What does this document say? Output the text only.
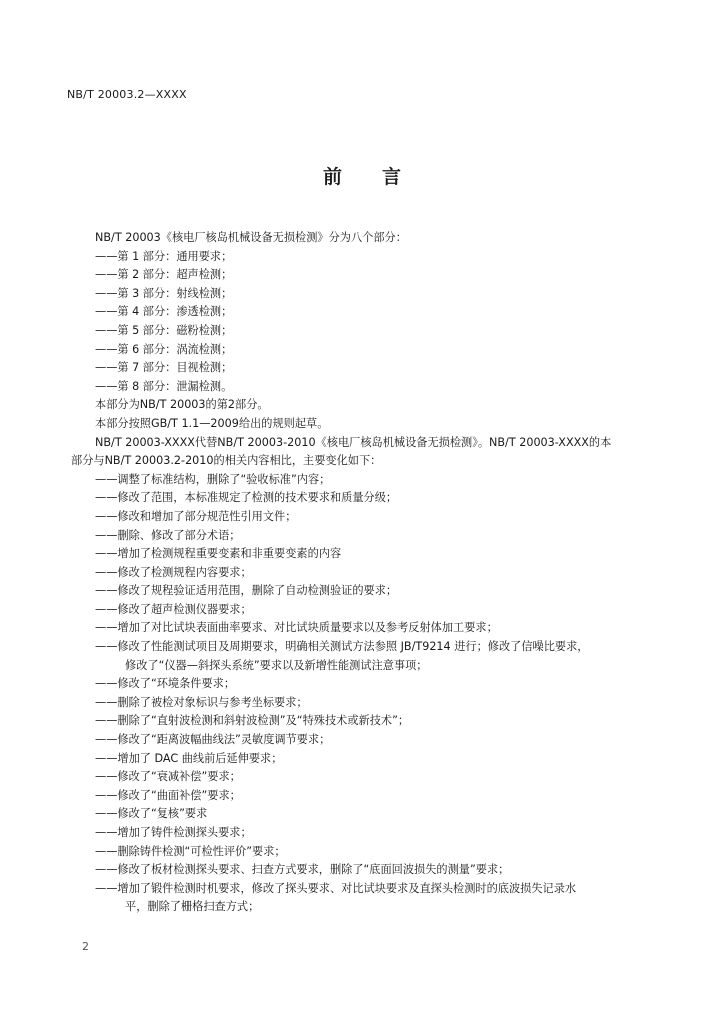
NB/T 20003.2—XXXX
前言
NB/T 20003《核电厂核岛机械设备无损检测》分为八个部分：
——第 1 部分：通用要求；
——第 2 部分：超声检测；
——第 3 部分：射线检测；
——第 4 部分：渗透检测；
——第 5 部分：磁粉检测；
——第 6 部分：涡流检测；
——第 7 部分：目视检测；
——第 8 部分：泄漏检测。
本部分为NB/T 20003的第2部分。
本部分按照GB/T 1.1—2009给出的规则起草。
NB/T 20003-XXXX代替NB/T 20003-2010《核电厂核岛机械设备无损检测》。NB/T 20003-XXXX的本
部分与NB/T 20003.2-2010的相关内容相比，主要变化如下：
——调整了标准结构，删除了“验收标准”内容；
——修改了范围，本标准规定了检测的技术要求和质量分级；
——修改和增加了部分规范性引用文件；
——删除、修改了部分术语；
——增加了检测规程重要变素和非重要变素的内容
——修改了检测规程内容要求；
——修改了规程验证适用范围，删除了自动检测验证的要求；
——修改了超声检测仪器要求；
——增加了对比试块表面曲率要求、对比试块质量要求以及参考反射体加工要求；
——修改了性能测试项目及周期要求，明确相关测试方法参照 JB/T9214 进行；修改了信噪比要求，
修改了“仪器—斜探头系统”要求以及新增性能测试注意事项；
——修改了“环境条件要求；
——删除了被检对象标识与参考坐标要求；
——删除了“直射波检测和斜射波检测”及“特殊技术或新技术”；
——修改了“距离波幅曲线法”灵敏度调节要求；
——增加了 DAC 曲线前后延伸要求；
——修改了“衰减补偿”要求；
——修改了“曲面补偿”要求；
——修改了“复核”要求
——增加了铸件检测探头要求；
——删除铸件检测“可检性评价”要求；
——修改了板材检测探头要求、扫查方式要求，删除了“底面回波损失的测量”要求；
——增加了锻件检测时机要求，修改了探头要求、对比试块要求及直探头检测时的底波损失记录水
平，删除了栅格扫查方式；
2
